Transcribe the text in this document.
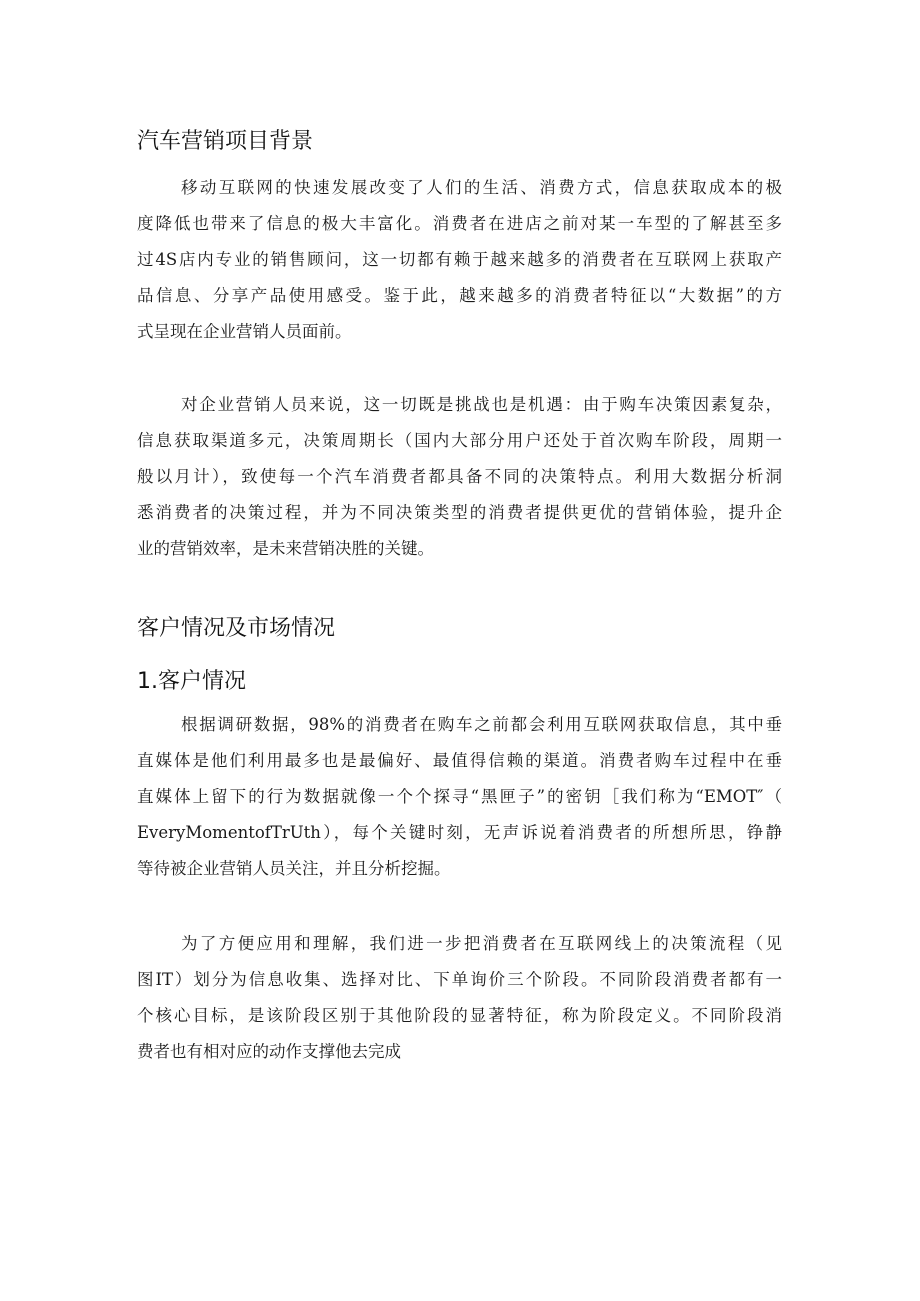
汽车营销项目背景
移动互联网的快速发展改变了人们的生活、消费方式，信息获取成本的极
度降低也带来了信息的极大丰富化。消费者在进店之前对某一车型的了解甚至多
过4S店内专业的销售顾问，这一切都有赖于越来越多的消费者在互联网上获取产
品信息、分享产品使用感受。鉴于此，越来越多的消费者特征以“大数据”的方
式呈现在企业营销人员面前。
对企业营销人员来说，这一切既是挑战也是机遇：由于购车决策因素复杂，
信息获取渠道多元，决策周期长（国内大部分用户还处于首次购车阶段，周期一
般以月计），致使每一个汽车消费者都具备不同的决策特点。利用大数据分析洞
悉消费者的决策过程，并为不同决策类型的消费者提供更优的营销体验，提升企
业的营销效率，是未来营销决胜的关键。
客户情况及市场情况
1.客户情况
根据调研数据，98%的消费者在购车之前都会利用互联网获取信息，其中垂
直媒体是他们利用最多也是最偏好、最值得信赖的渠道。消费者购车过程中在垂
直媒体上留下的行为数据就像一个个探寻“黑匣子”的密钥［我们称为“EMOT″（
EveryMomentofTrUth），每个关键时刻，无声诉说着消费者的所想所思，铮静
等待被企业营销人员关注，并且分析挖掘。
为了方便应用和理解，我们进一步把消费者在互联网线上的决策流程（见
图IT）划分为信息收集、选择对比、下单询价三个阶段。不同阶段消费者都有一
个核心目标，是该阶段区别于其他阶段的显著特征，称为阶段定义。不同阶段消
费者也有相对应的动作支撑他去完成
